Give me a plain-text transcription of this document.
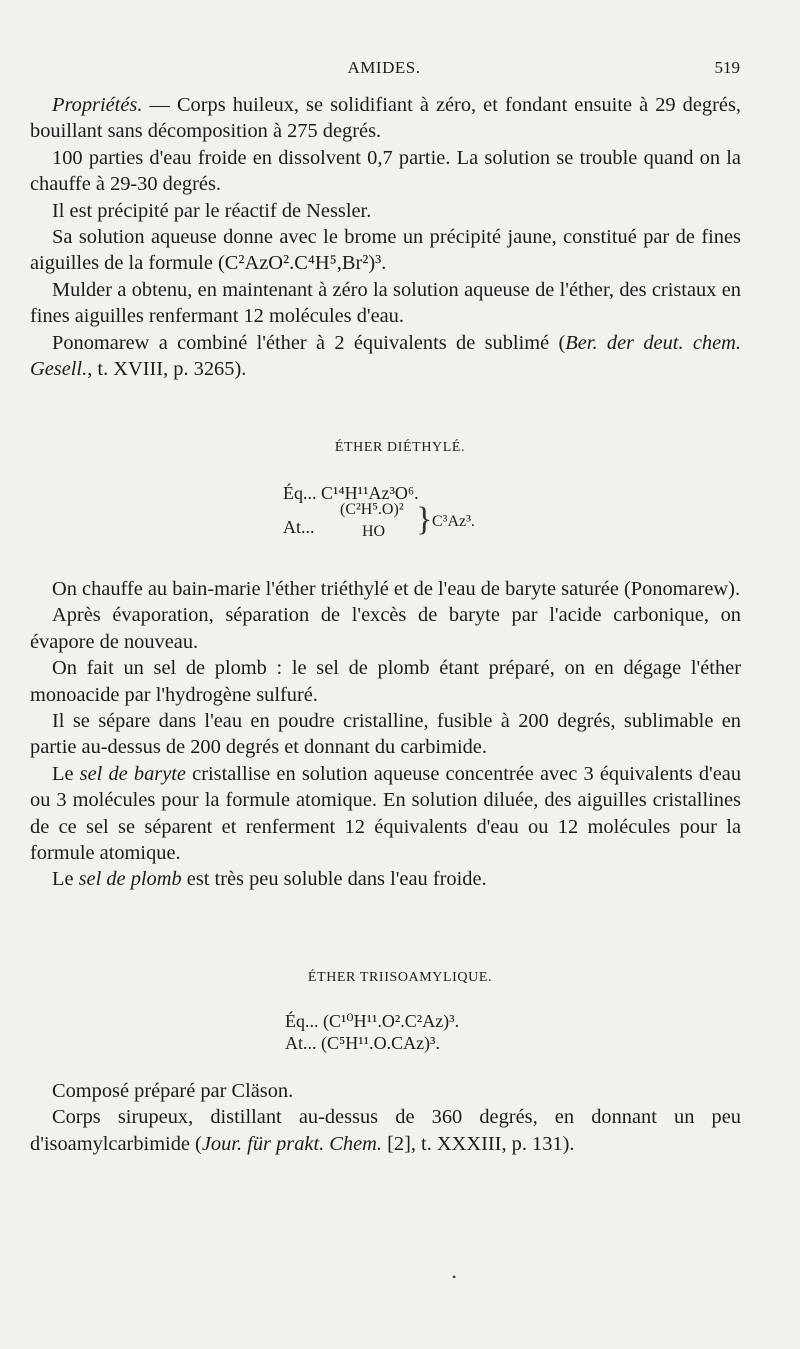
AMIDES.	519

Propriétés. — Corps huileux, se solidifiant à zéro, et fondant ensuite à 29 degrés, bouillant sans décomposition à 275 degrés.

100 parties d'eau froide en dissolvent 0,7 partie. La solution se trouble quand on la chauffe à 29-30 degrés.

Il est précipité par le réactif de Nessler.

Sa solution aqueuse donne avec le brome un précipité jaune, constitué par de fines aiguilles de la formule (C²AzO².C⁴H⁵,Br²)³.

Mulder a obtenu, en maintenant à zéro la solution aqueuse de l'éther, des cristaux en fines aiguilles renfermant 12 molécules d'eau.

Ponomarew a combiné l'éther à 2 équivalents de sublimé (Ber. der deut. chem. Gesell., t. XVIII, p. 3265).

ÉTHER DIÉTHYLÉ.
Éq... C¹⁴H¹¹Az³O⁶.
At...
(C²H⁵.O)²
HO } C³Az³.

On chauffe au bain-marie l'éther triéthylé et de l'eau de baryte saturée (Ponomarew).

Après évaporation, séparation de l'excès de baryte par l'acide carbonique, on évapore de nouveau.

On fait un sel de plomb : le sel de plomb étant préparé, on en dégage l'éther monoacide par l'hydrogène sulfuré.

Il se sépare dans l'eau en poudre cristalline, fusible à 200 degrés, sublimable en partie au-dessus de 200 degrés et donnant du carbimide.

Le sel de baryte cristallise en solution aqueuse concentrée avec 3 équivalents d'eau ou 3 molécules pour la formule atomique. En solution diluée, des aiguilles cristallines de ce sel se séparent et renferment 12 équivalents d'eau ou 12 molécules pour la formule atomique.

Le sel de plomb est très peu soluble dans l'eau froide.

ÉTHER TRIISOAMYLIQUE.
Éq... (C¹⁰H¹¹.O².C²Az)³.
At... (C⁵H¹¹.O.CAz)³.

Composé préparé par Cläson.

Corps sirupeux, distillant au-dessus de 360 degrés, en donnant un peu d'isoamylcarbimide (Jour. für prakt. Chem. [2], t. XXXIII, p. 131).

•
